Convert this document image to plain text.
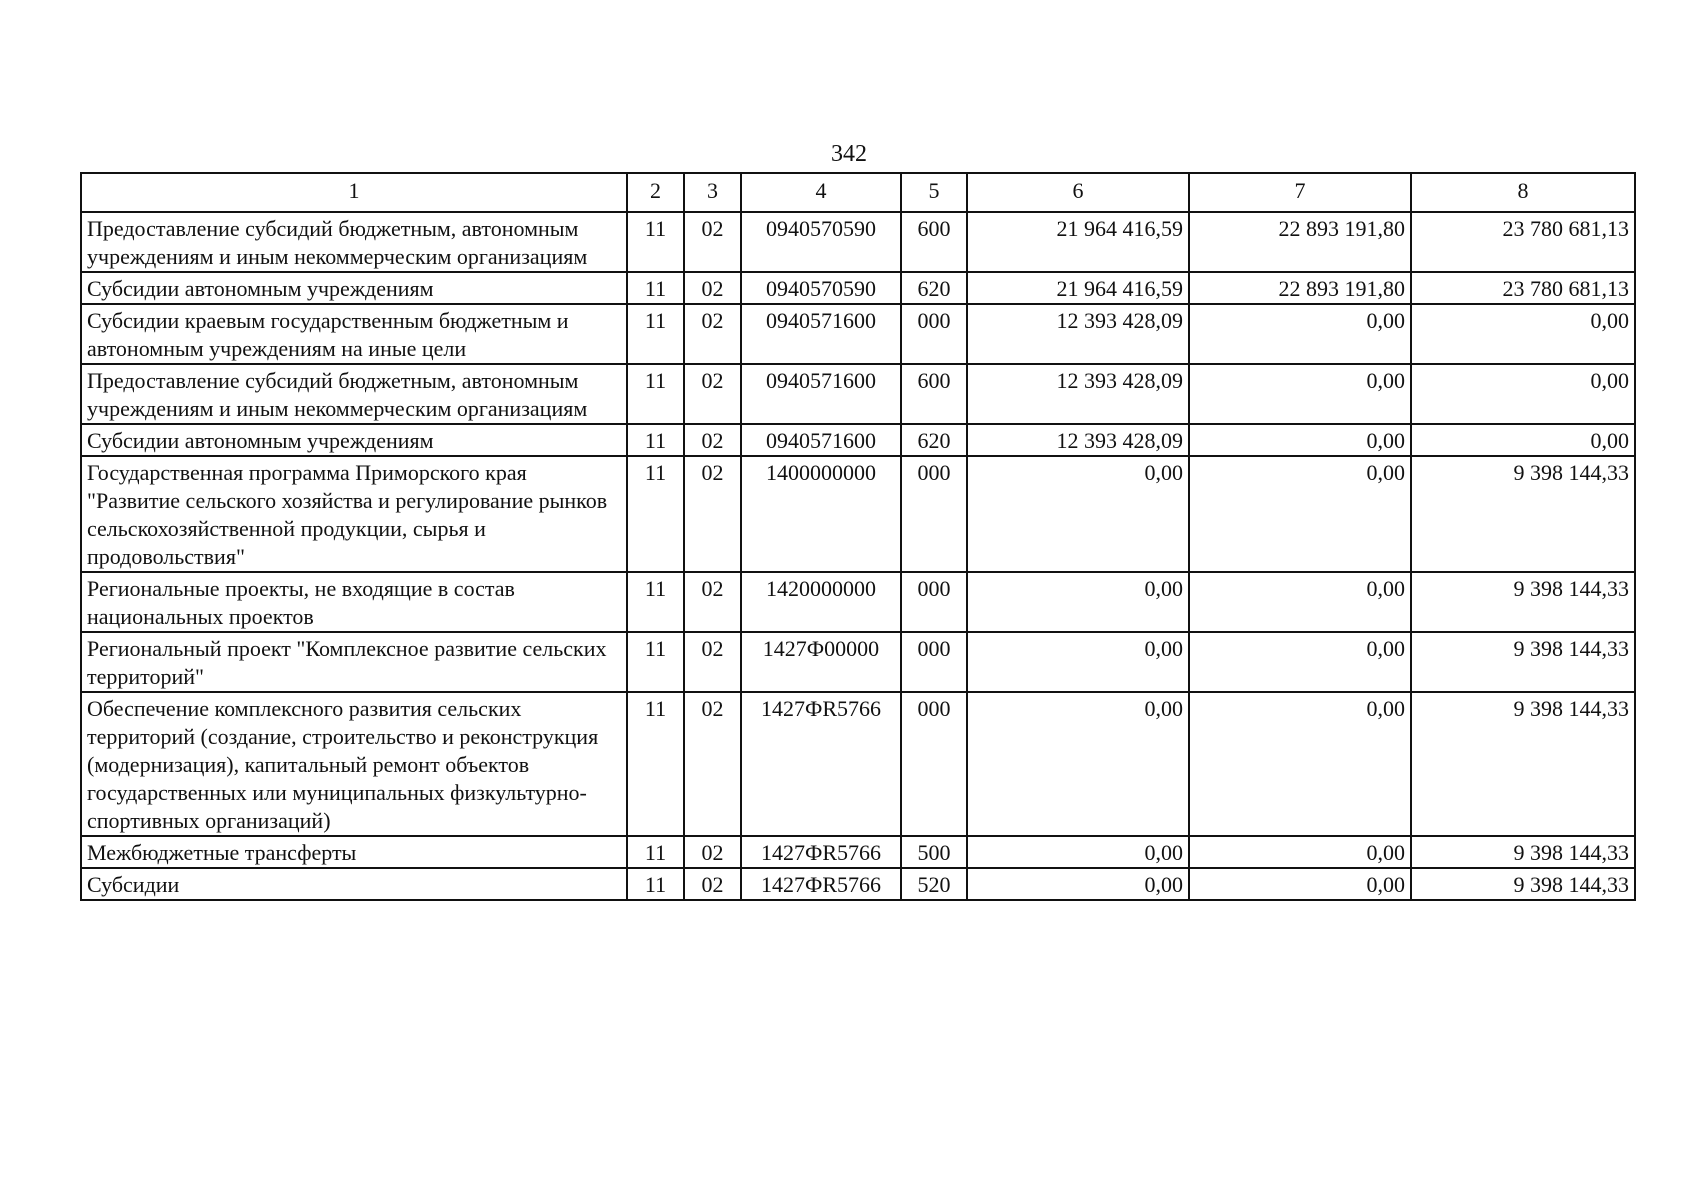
342
1	2	3	4	5	6	7	8
Предоставление субсидий бюджетным, автономным учреждениям и иным некоммерческим организациям	11	02	0940570590	600	21 964 416,59	22 893 191,80	23 780 681,13
Субсидии автономным учреждениям	11	02	0940570590	620	21 964 416,59	22 893 191,80	23 780 681,13
Субсидии краевым государственным бюджетным и автономным учреждениям на иные цели	11	02	0940571600	000	12 393 428,09	0,00	0,00
Предоставление субсидий бюджетным, автономным учреждениям и иным некоммерческим организациям	11	02	0940571600	600	12 393 428,09	0,00	0,00
Субсидии автономным учреждениям	11	02	0940571600	620	12 393 428,09	0,00	0,00
Государственная программа Приморского края "Развитие сельского хозяйства и регулирование рынков сельскохозяйственной продукции, сырья и продовольствия"	11	02	1400000000	000	0,00	0,00	9 398 144,33
Региональные проекты, не входящие в состав национальных проектов	11	02	1420000000	000	0,00	0,00	9 398 144,33
Региональный проект "Комплексное развитие сельских территорий"	11	02	1427Ф00000	000	0,00	0,00	9 398 144,33
Обеспечение комплексного развития сельских территорий (создание, строительство и реконструкция (модернизация), капитальный ремонт объектов государственных или муниципальных физкультурно-спортивных организаций)	11	02	1427ФR5766	000	0,00	0,00	9 398 144,33
Межбюджетные трансферты	11	02	1427ФR5766	500	0,00	0,00	9 398 144,33
Субсидии	11	02	1427ФR5766	520	0,00	0,00	9 398 144,33
